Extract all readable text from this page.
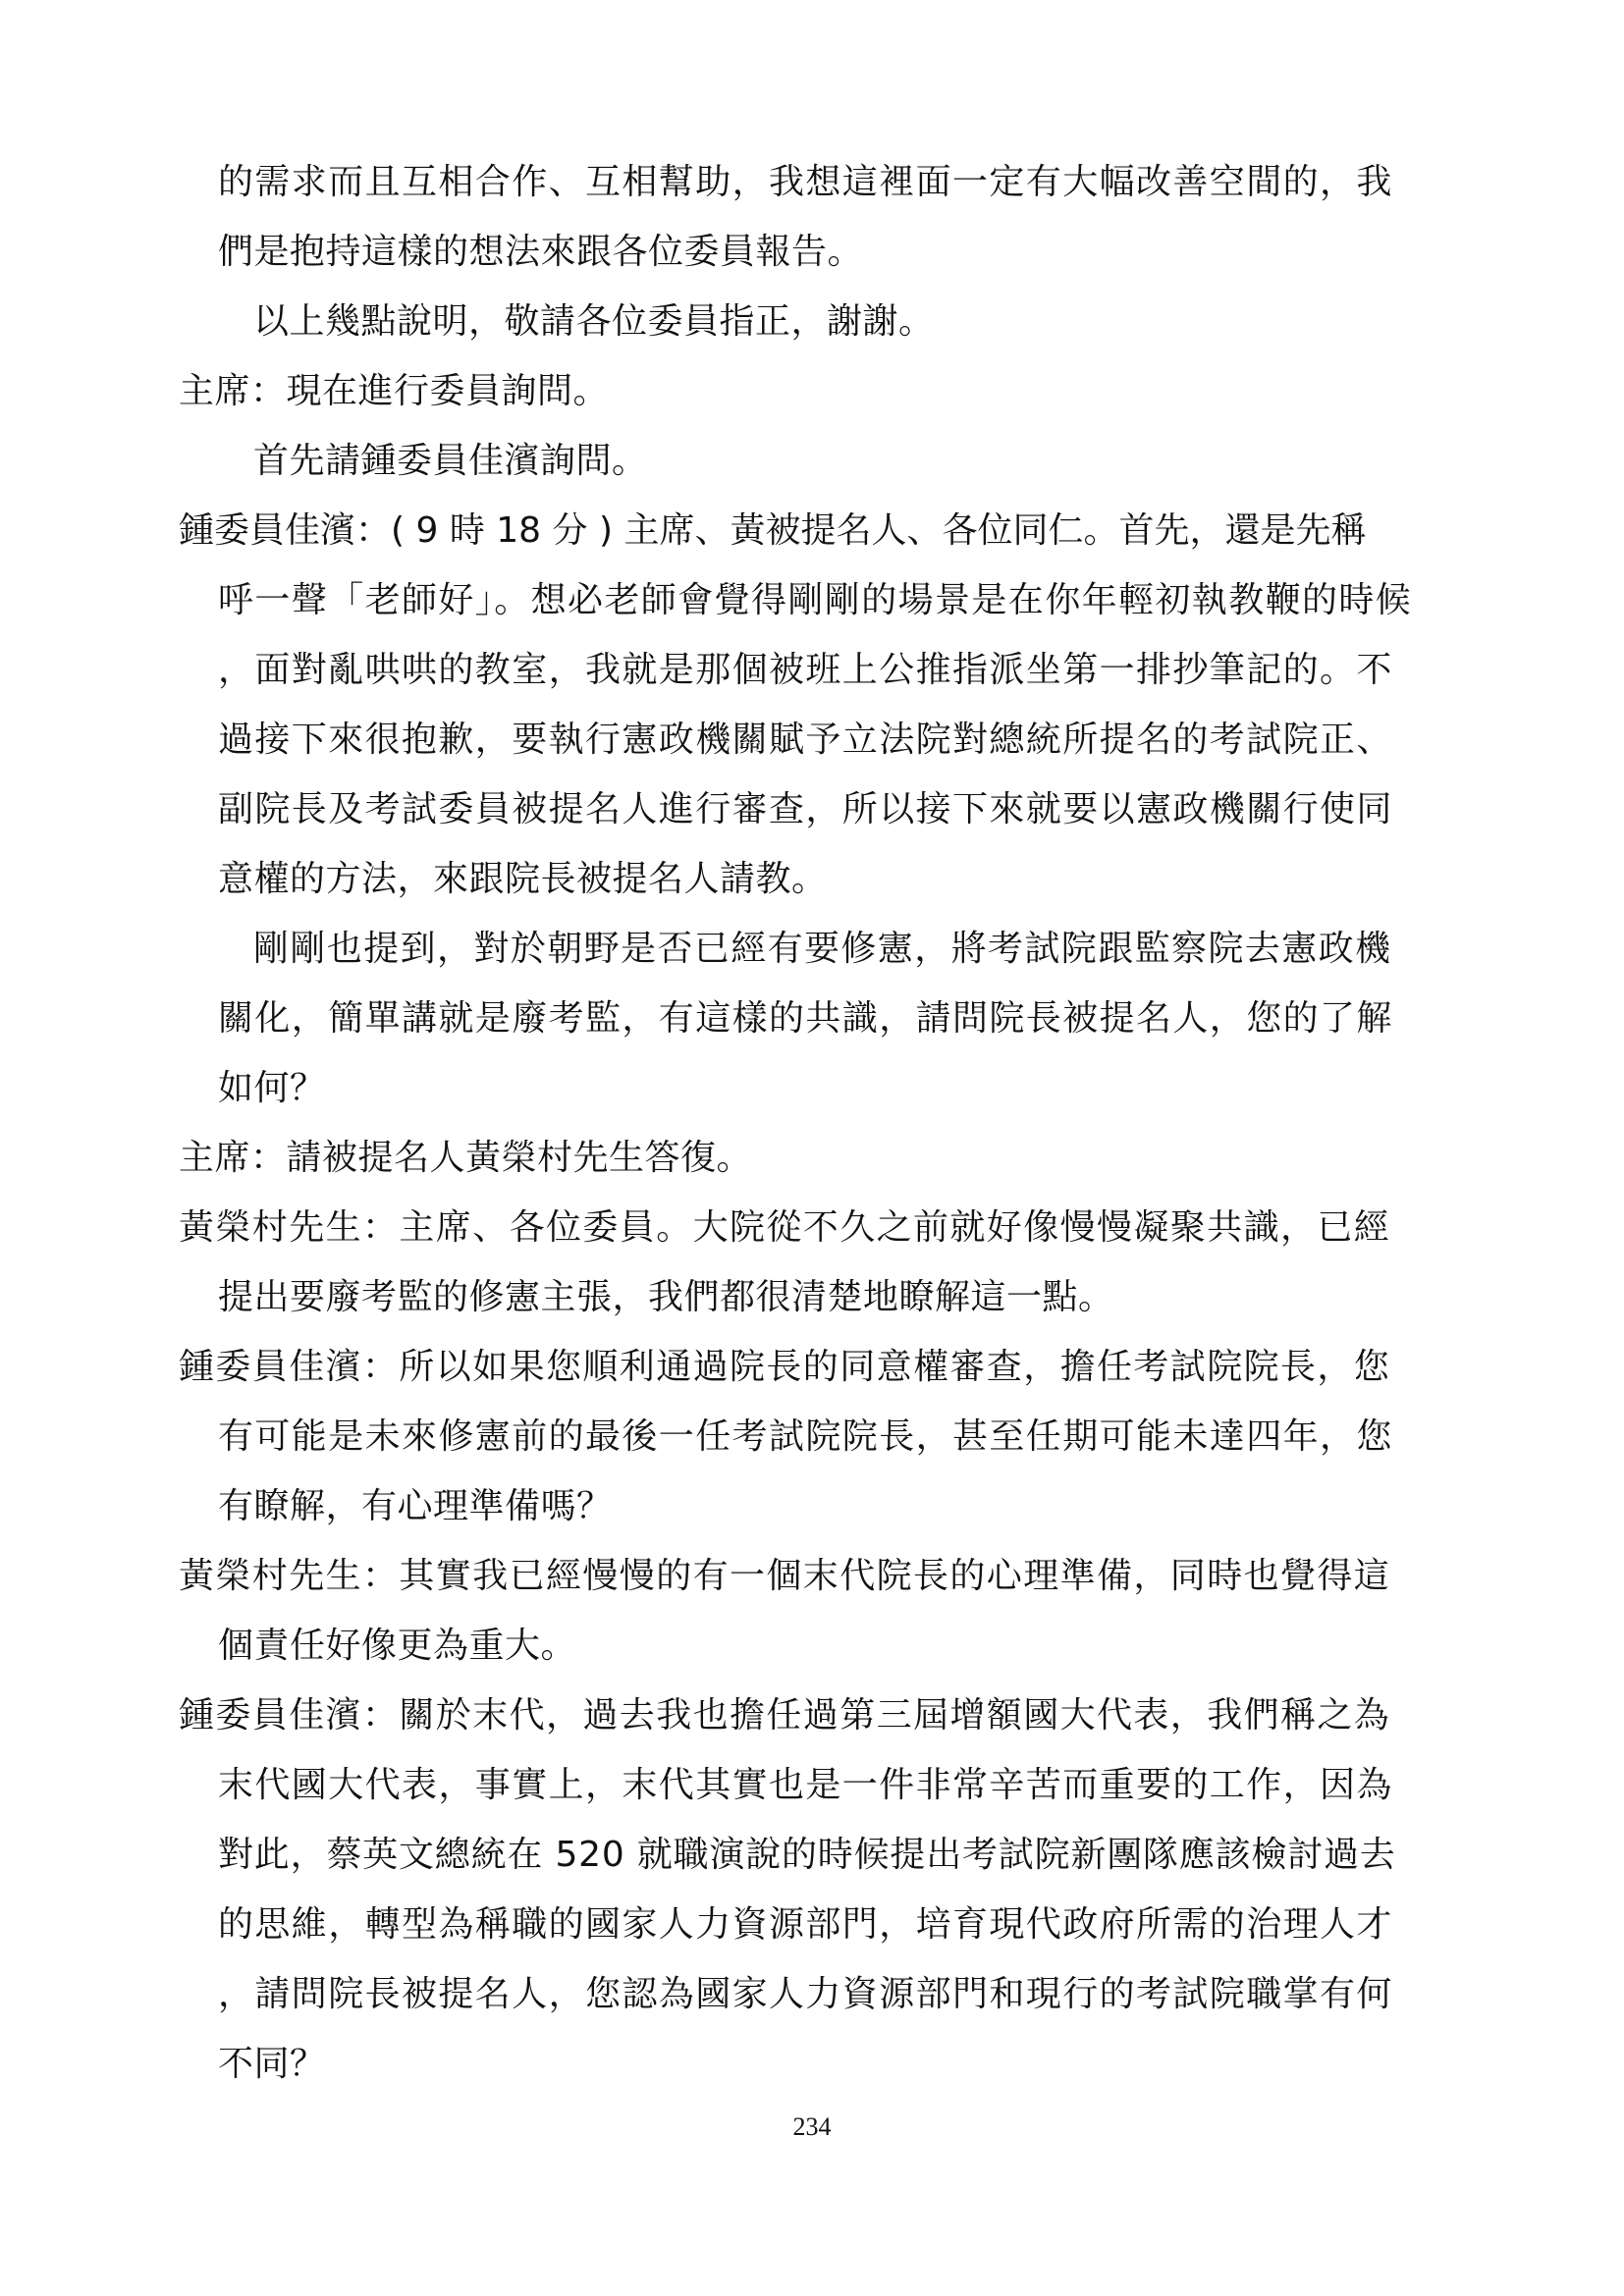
的需求而且互相合作、互相幫助，我想這裡面一定有大幅改善空間的，我
們是抱持這樣的想法來跟各位委員報告。
以上幾點說明，敬請各位委員指正，謝謝。
主席：現在進行委員詢問。
首先請鍾委員佳濱詢問。
鍾委員佳濱：( 9 時 18 分 ) 主席、黃被提名人、各位同仁。首先，還是先稱
呼一聲「老師好」。想必老師會覺得剛剛的場景是在你年輕初執教鞭的時候
，面對亂哄哄的教室，我就是那個被班上公推指派坐第一排抄筆記的。不
過接下來很抱歉，要執行憲政機關賦予立法院對總統所提名的考試院正、
副院長及考試委員被提名人進行審查，所以接下來就要以憲政機關行使同
意權的方法，來跟院長被提名人請教。
剛剛也提到，對於朝野是否已經有要修憲，將考試院跟監察院去憲政機
關化，簡單講就是廢考監，有這樣的共識，請問院長被提名人，您的了解
如何？
主席：請被提名人黃榮村先生答復。
黃榮村先生：主席、各位委員。大院從不久之前就好像慢慢凝聚共識，已經
提出要廢考監的修憲主張，我們都很清楚地瞭解這一點。
鍾委員佳濱：所以如果您順利通過院長的同意權審查，擔任考試院院長，您
有可能是未來修憲前的最後一任考試院院長，甚至任期可能未達四年，您
有瞭解，有心理準備嗎？
黃榮村先生：其實我已經慢慢的有一個末代院長的心理準備，同時也覺得這
個責任好像更為重大。
鍾委員佳濱：關於末代，過去我也擔任過第三屆增額國大代表，我們稱之為
末代國大代表，事實上，末代其實也是一件非常辛苦而重要的工作，因為
對此，蔡英文總統在 520 就職演說的時候提出考試院新團隊應該檢討過去
的思維，轉型為稱職的國家人力資源部門，培育現代政府所需的治理人才
，請問院長被提名人，您認為國家人力資源部門和現行的考試院職掌有何
不同？
234
